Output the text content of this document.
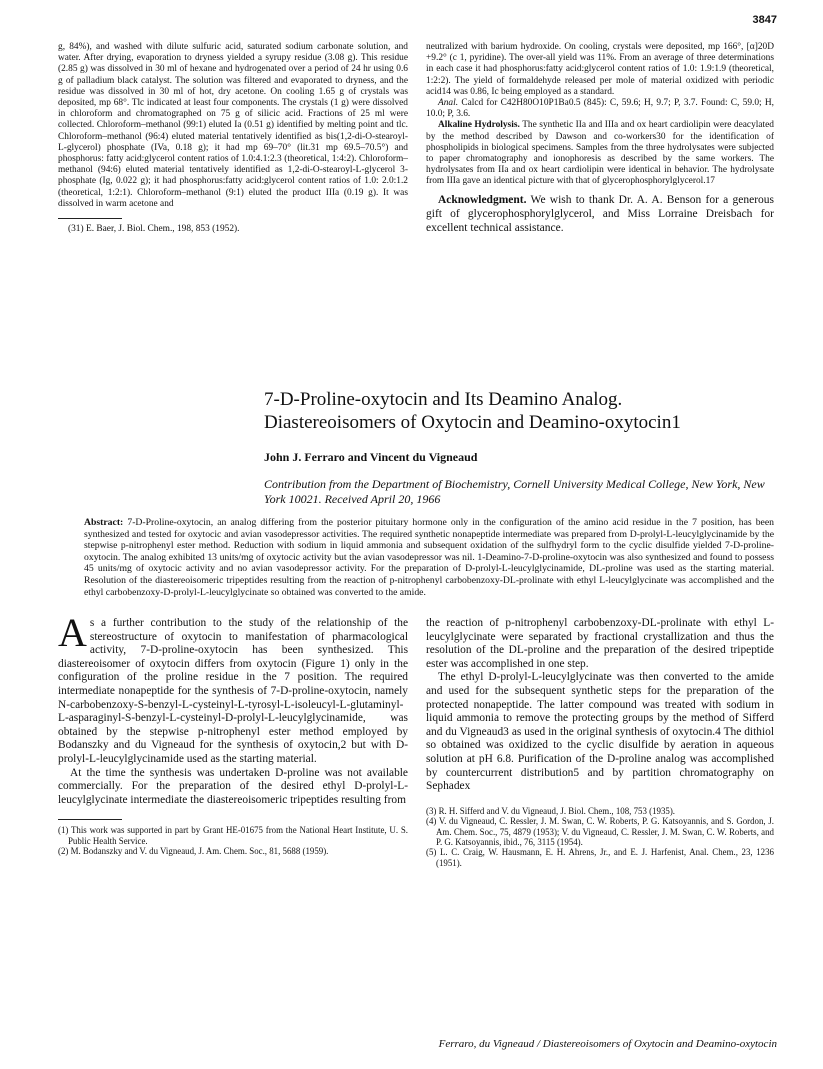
3847

g, 84%), and washed with dilute sulfuric acid, saturated sodium carbonate solution, and water. After drying, evaporation to dryness yielded a syrupy residue (3.08 g). This residue (2.85 g) was dissolved in 30 ml of hexane and hydrogenated over a period of 24 hr using 0.6 g of palladium black catalyst. The solution was filtered and evaporated to dryness, and the residue was dissolved in 30 ml of hot, dry acetone. On cooling 1.65 g of crystals was deposited, mp 68°. Tlc indicated at least four components. The crystals (1 g) were dissolved in chloroform and chromatographed on 75 g of silicic acid. Fractions of 25 ml were collected. Chloroform–methanol (99:1) eluted Ia (0.51 g) identified by melting point and tlc. Chloroform–methanol (96:4) eluted material tentatively identified as bis(1,2-di-O-stearoyl-L-glycerol) phosphate (IVa, 0.18 g); it had mp 69–70° (lit.31 mp 69.5–70.5°) and phosphorus: fatty acid:glycerol content ratios of 1.0:4.1:2.3 (theoretical, 1:4:2). Chloroform–methanol (94:6) eluted material tentatively identified as 1,2-di-O-stearoyl-L-glycerol 3-phosphate (Ig, 0.022 g); it had phosphorus:fatty acid:glycerol content ratios of 1.0: 2.0:1.2 (theoretical, 1:2:1). Chloroform–methanol (9:1) eluted the product IIIa (0.19 g). It was dissolved in warm acetone and

(31) E. Baer, J. Biol. Chem., 198, 853 (1952).

neutralized with barium hydroxide. On cooling, crystals were deposited, mp 166°, [α]20D +9.2° (c 1, pyridine). The over-all yield was 11%. From an average of three determinations in each case it had phosphorus:fatty acid:glycerol content ratios of 1.0: 1.9:1.9 (theoretical, 1:2:2). The yield of formaldehyde released per mole of material oxidized with periodic acid14 was 0.86, Ic being employed as a standard.

Anal. Calcd for C42H80O10P1Ba0.5 (845): C, 59.6; H, 9.7; P, 3.7. Found: C, 59.0; H, 10.0; P, 3.6.

Alkaline Hydrolysis. The synthetic IIa and IIIa and ox heart cardiolipin were deacylated by the method described by Dawson and co-workers30 for the identification of phospholipids in biological specimens. Samples from the three hydrolysates were subjected to paper chromatography and ionophoresis as described by the same workers. The hydrolysates from IIa and ox heart cardiolipin were identical in behavior. The hydrolysate from IIIa gave an identical picture with that of glycerophosphorylglycerol.17

Acknowledgment. We wish to thank Dr. A. A. Benson for a generous gift of glycerophosphorylglycerol, and Miss Lorraine Dreisbach for excellent technical assistance.

7-D-Proline-oxytocin and Its Deamino Analog.
Diastereoisomers of Oxytocin and Deamino-oxytocin1

John J. Ferraro and Vincent du Vigneaud

Contribution from the Department of Biochemistry, Cornell University Medical College, New York, New York 10021. Received April 20, 1966

Abstract: 7-D-Proline-oxytocin, an analog differing from the posterior pituitary hormone only in the configuration of the amino acid residue in the 7 position, has been synthesized and tested for oxytocic and avian vasodepressor activities. The required synthetic nonapeptide intermediate was prepared from D-prolyl-L-leucylglycinamide by the stepwise p-nitrophenyl ester method. Reduction with sodium in liquid ammonia and subsequent oxidation of the sulfhydryl form to the cyclic disulfide yielded 7-D-proline-oxytocin. The analog exhibited 13 units/mg of oxytocic activity but the avian vasodepressor was nil. 1-Deamino-7-D-proline-oxytocin was also synthesized and found to possess 45 units/mg of oxytocic activity and no avian vasodepressor activity. For the preparation of D-prolyl-L-leucylglycinamide, DL-proline was used as the starting material. Resolution of the diastereoisomeric tripeptides resulting from the reaction of p-nitrophenyl carbobenzoxy-DL-prolinate with ethyl L-leucylglycinate was accomplished and the ethyl carbobenzoxy-D-prolyl-L-leucylglycinate so obtained was converted to the amide.
A s a further contribution to the study of the relationship of the stereostructure of oxytocin to manifestation of pharmacological activity, 7-D-proline-oxytocin has been synthesized. This diastereoisomer of oxytocin differs from oxytocin (Figure 1) only in the configuration of the proline residue in the 7 position. The required intermediate nonapeptide for the synthesis of 7-D-proline-oxytocin, namely N-carbobenzoxy-S-benzyl-L-cysteinyl-L-tyrosyl-L-isoleucyl-L-glutaminyl-L-asparaginyl-S-benzyl-L-cysteinyl-D-prolyl-L-leucylglycinamide, was obtained by the stepwise p-nitrophenyl ester method employed by Bodanszky and du Vigneaud for the synthesis of oxytocin,2 but with D-prolyl-L-leucylglycinamide used as the starting material.

At the time the synthesis was undertaken D-proline was not available commercially. For the preparation of the desired ethyl D-prolyl-L-leucylglycinate intermediate the diastereoisomeric tripeptides resulting from

(1) This work was supported in part by Grant HE-01675 from the National Heart Institute, U. S. Public Health Service.

(2) M. Bodanszky and V. du Vigneaud, J. Am. Chem. Soc., 81, 5688 (1959).

the reaction of p-nitrophenyl carbobenzoxy-DL-prolinate with ethyl L-leucylglycinate were separated by fractional crystallization and thus the resolution of the DL-proline and the preparation of the desired tripeptide ester was accomplished in one step.

The ethyl D-prolyl-L-leucylglycinate was then converted to the amide and used for the subsequent synthetic steps for the preparation of the protected nonapeptide. The latter compound was treated with sodium in liquid ammonia to remove the protecting groups by the method of Sifferd and du Vigneaud3 as used in the original synthesis of oxytocin.4 The dithiol so obtained was oxidized to the cyclic disulfide by aeration in aqueous solution at pH 6.8. Purification of the D-proline analog was accomplished by countercurrent distribution5 and by partition chromatography on Sephadex

(3) R. H. Sifferd and V. du Vigneaud, J. Biol. Chem., 108, 753 (1935).

(4) V. du Vigneaud, C. Ressler, J. M. Swan, C. W. Roberts, P. G. Katsoyannis, and S. Gordon, J. Am. Chem. Soc., 75, 4879 (1953); V. du Vigneaud, C. Ressler, J. M. Swan, C. W. Roberts, and P. G. Katsoyannis, ibid., 76, 3115 (1954).

(5) L. C. Craig, W. Hausmann, E. H. Ahrens, Jr., and E. J. Harfenist, Anal. Chem., 23, 1236 (1951).

Ferraro, du Vigneaud / Diastereoisomers of Oxytocin and Deamino-oxytocin
